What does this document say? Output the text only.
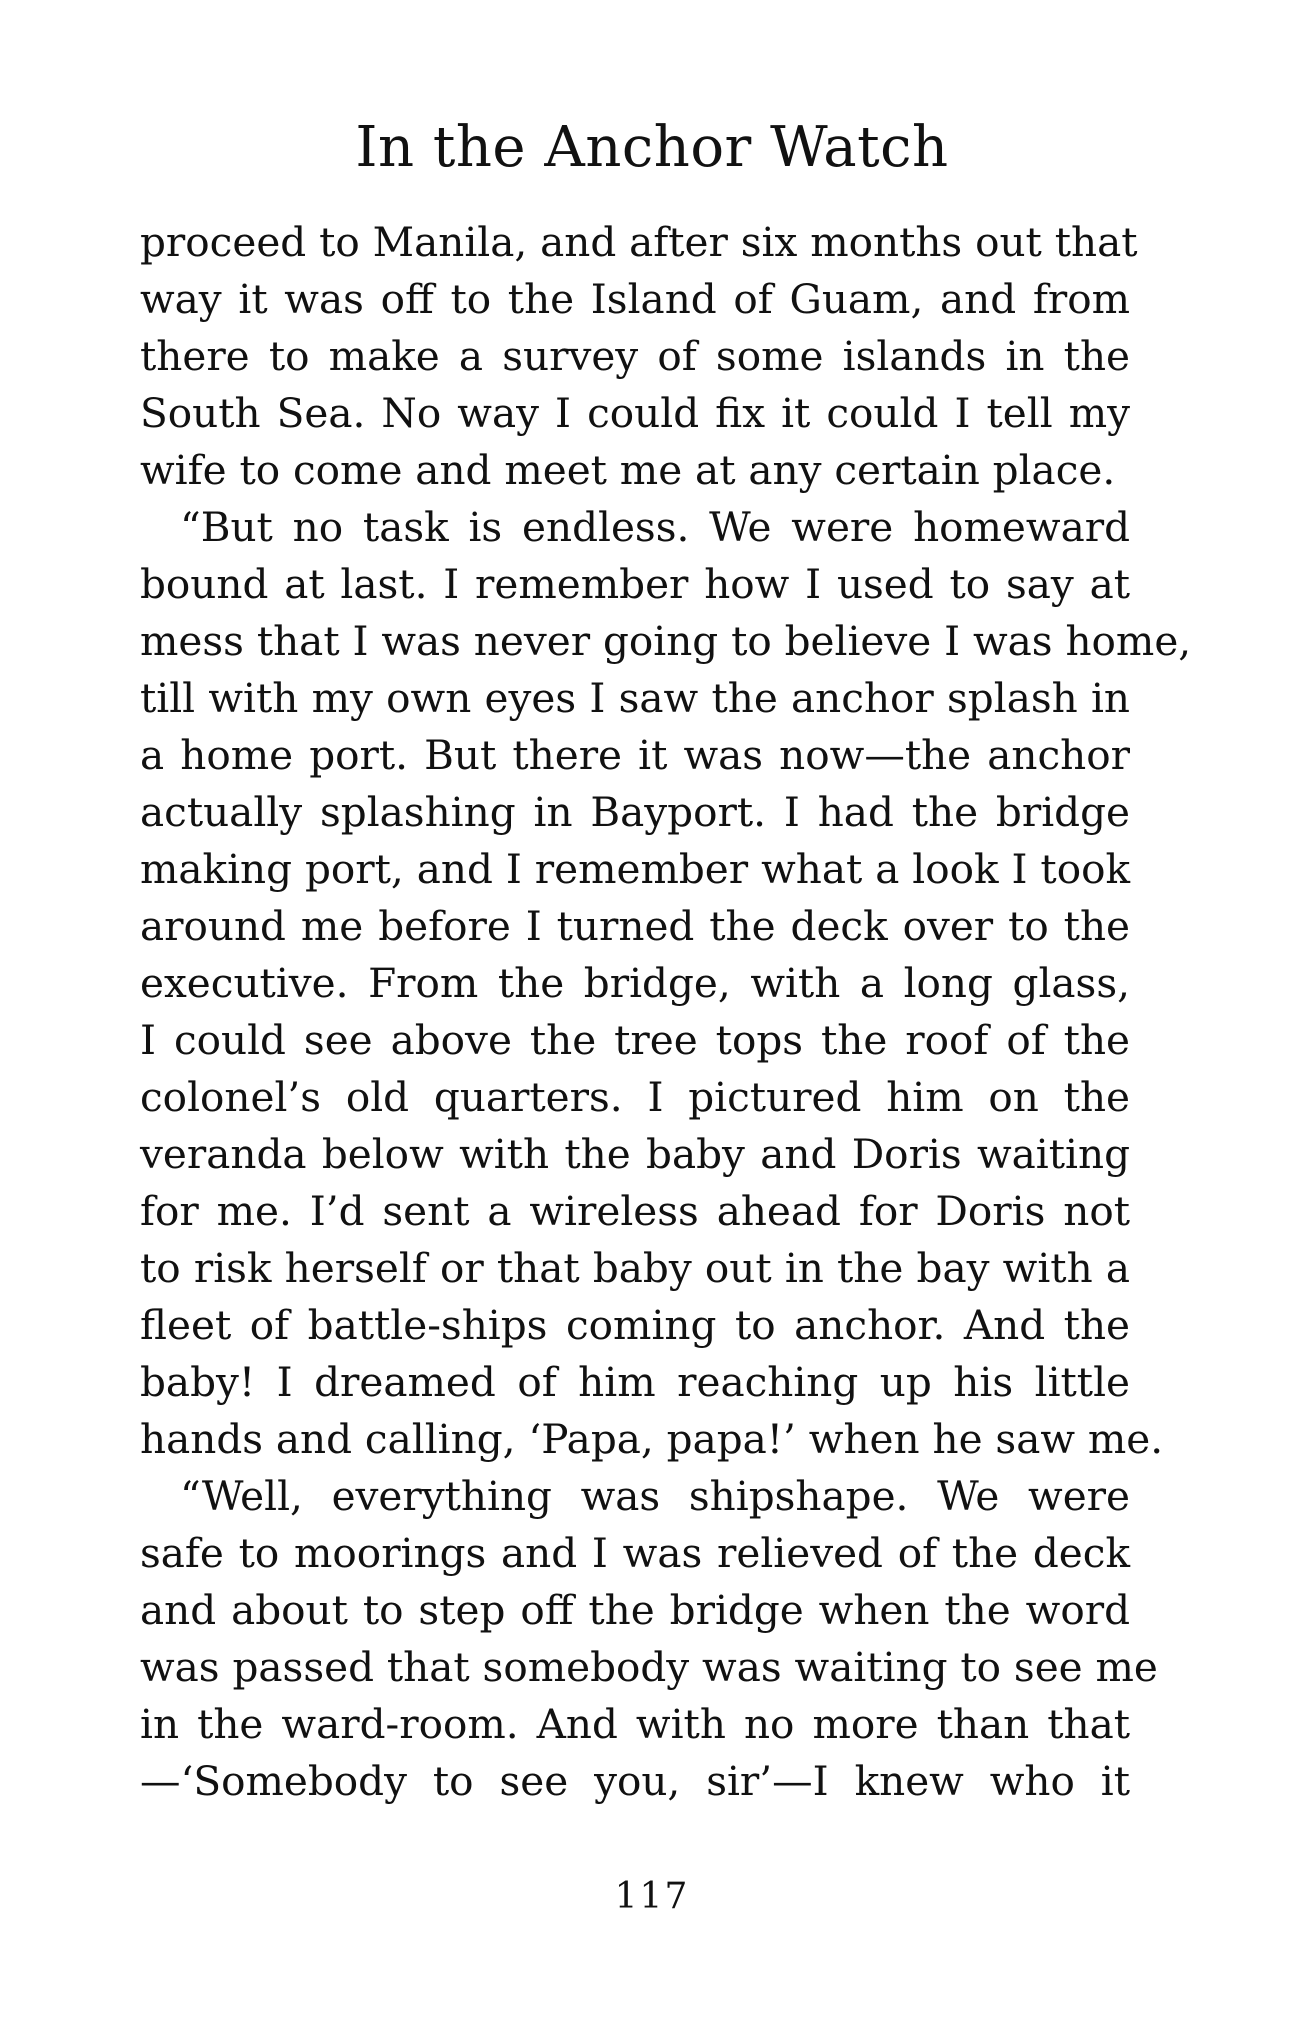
In the Anchor Watch
proceed to Manila, and after six months out that
way it was off to the Island of Guam, and from
there to make a survey of some islands in the
South Sea. No way I could fix it could I tell my
wife to come and meet me at any certain place.
“But no task is endless. We were homeward
bound at last. I remember how I used to say at
mess that I was never going to believe I was home,
till with my own eyes I saw the anchor splash in
a home port. But there it was now—the anchor
actually splashing in Bayport. I had the bridge
making port, and I remember what a look I took
around me before I turned the deck over to the
executive. From the bridge, with a long glass,
I could see above the tree tops the roof of the
colonel’s old quarters. I pictured him on the
veranda below with the baby and Doris waiting
for me. I’d sent a wireless ahead for Doris not
to risk herself or that baby out in the bay with a
fleet of battle-ships coming to anchor. And the
baby! I dreamed of him reaching up his little
hands and calling, ‘Papa, papa!’ when he saw me.
“Well, everything was shipshape. We were
safe to moorings and I was relieved of the deck
and about to step off the bridge when the word
was passed that somebody was waiting to see me
in the ward-room. And with no more than that
—‘Somebody to see you, sir’—I knew who it
117
